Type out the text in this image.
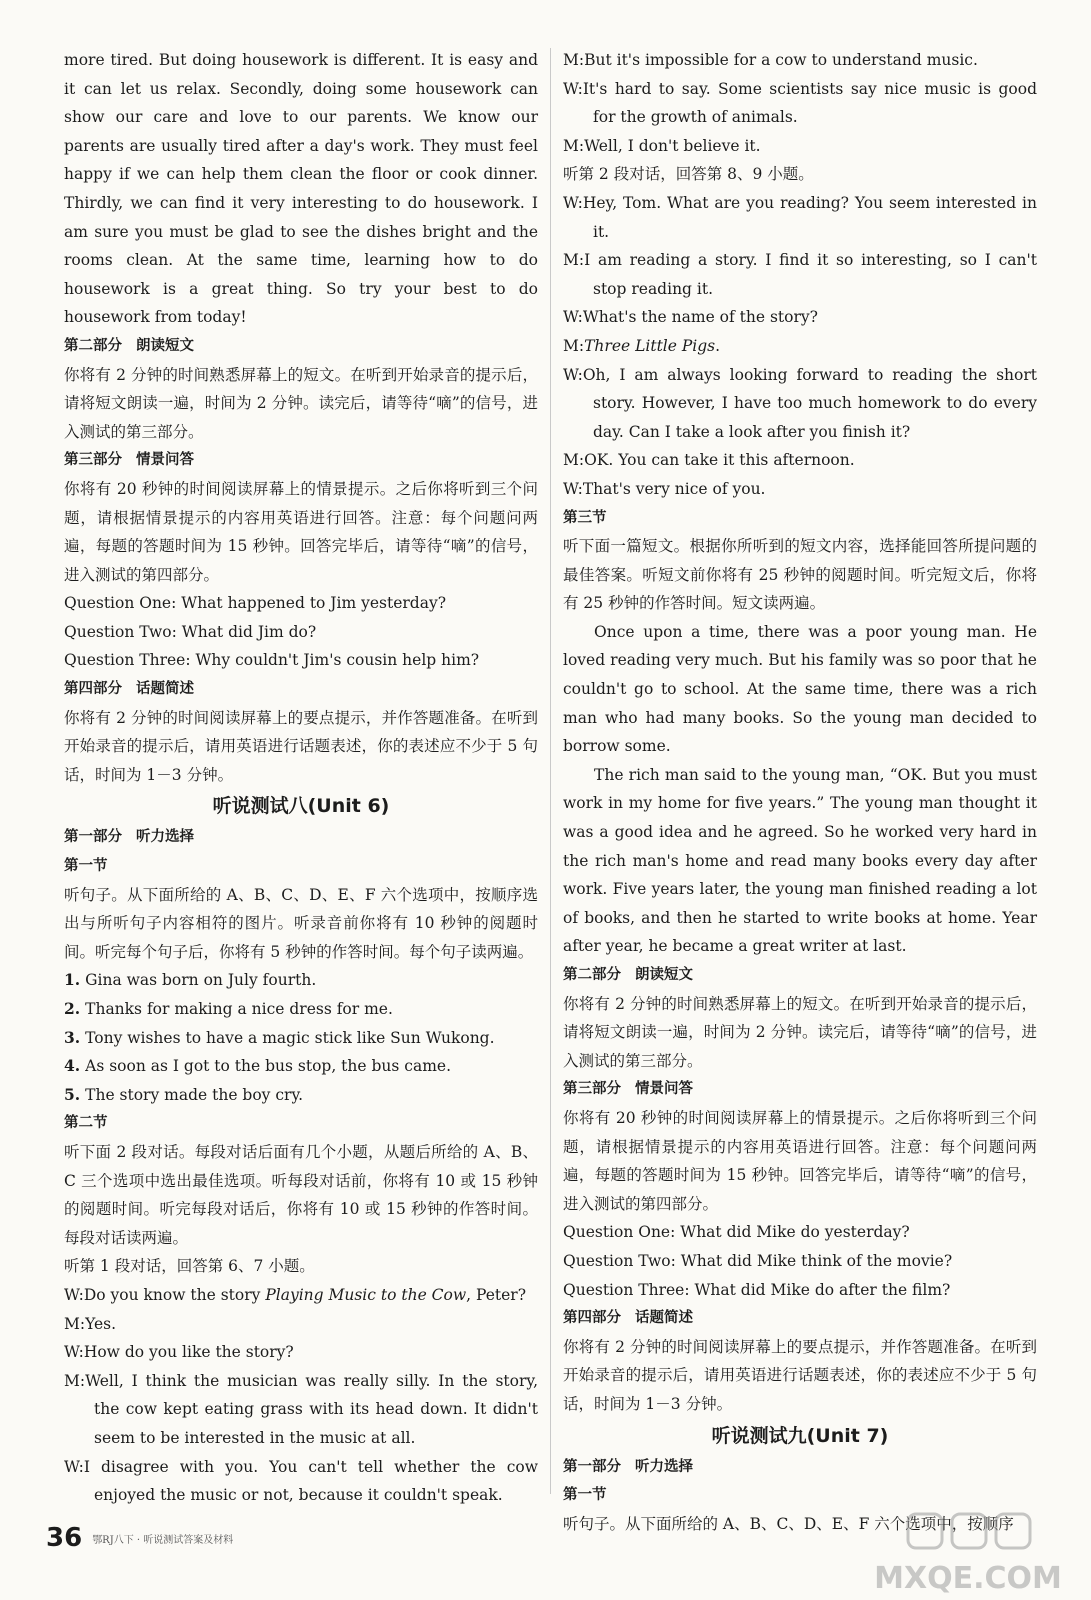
more tired. But doing housework is different. It is easy and it can let us relax. Secondly, doing some housework can show our care and love to our parents. We know our parents are usually tired after a day's work. They must feel happy if we can help them clean the floor or cook dinner. Thirdly, we can find it very interesting to do housework. I am sure you must be glad to see the dishes bright and the rooms clean. At the same time, learning how to do housework is a great thing. So try your best to do housework from today!

第二部分 朗读短文

你将有 2 分钟的时间熟悉屏幕上的短文。在听到开始录音的提示后，请将短文朗读一遍，时间为 2 分钟。读完后，请等待“嘀”的信号，进入测试的第三部分。

第三部分 情景问答

你将有 20 秒钟的时间阅读屏幕上的情景提示。之后你将听到三个问题，请根据情景提示的内容用英语进行回答。注意：每个问题问两遍，每题的答题时间为 15 秒钟。回答完毕后，请等待“嘀”的信号，进入测试的第四部分。

Question One: What happened to Jim yesterday?

Question Two: What did Jim do?

Question Three: Why couldn't Jim's cousin help him?

第四部分 话题简述

你将有 2 分钟的时间阅读屏幕上的要点提示，并作答题准备。在听到开始录音的提示后，请用英语进行话题表述，你的表述应不少于 5 句话，时间为 1－3 分钟。

听说测试八(Unit 6)

第一部分 听力选择

第一节

听句子。从下面所给的 A、B、C、D、E、F 六个选项中，按顺序选出与所听句子内容相符的图片。听录音前你将有 10 秒钟的阅题时间。听完每个句子后，你将有 5 秒钟的作答时间。每个句子读两遍。

1. Gina was born on July fourth.

2. Thanks for making a nice dress for me.

3. Tony wishes to have a magic stick like Sun Wukong.

4. As soon as I got to the bus stop, the bus came.

5. The story made the boy cry.

第二节

听下面 2 段对话。每段对话后面有几个小题，从题后所给的 A、B、C 三个选项中选出最佳选项。听每段对话前，你将有 10 或 15 秒钟的阅题时间。听完每段对话后，你将有 10 或 15 秒钟的作答时间。每段对话读两遍。

听第 1 段对话，回答第 6、7 小题。

W:Do you know the story Playing Music to the Cow, Peter?

M:Yes.

W:How do you like the story?

M:Well, I think the musician was really silly. In the story, the cow kept eating grass with its head down. It didn't seem to be interested in the music at all.

W:I disagree with you. You can't tell whether the cow enjoyed the music or not, because it couldn't speak.

M:But it's impossible for a cow to understand music.

W:It's hard to say. Some scientists say nice music is good for the growth of animals.

M:Well, I don't believe it.

听第 2 段对话，回答第 8、9 小题。

W:Hey, Tom. What are you reading? You seem interested in it.

M:I am reading a story. I find it so interesting, so I can't stop reading it.

W:What's the name of the story?

M:Three Little Pigs.

W:Oh, I am always looking forward to reading the short story. However, I have too much homework to do every day. Can I take a look after you finish it?

M:OK. You can take it this afternoon.

W:That's very nice of you.

第三节

听下面一篇短文。根据你所听到的短文内容，选择能回答所提问题的最佳答案。听短文前你将有 25 秒钟的阅题时间。听完短文后，你将有 25 秒钟的作答时间。短文读两遍。

Once upon a time, there was a poor young man. He loved reading very much. But his family was so poor that he couldn't go to school. At the same time, there was a rich man who had many books. So the young man decided to borrow some.

The rich man said to the young man, “OK. But you must work in my home for five years.” The young man thought it was a good idea and he agreed. So he worked very hard in the rich man's home and read many books every day after work. Five years later, the young man finished reading a lot of books, and then he started to write books at home. Year after year, he became a great writer at last.

第二部分 朗读短文

你将有 2 分钟的时间熟悉屏幕上的短文。在听到开始录音的提示后，请将短文朗读一遍，时间为 2 分钟。读完后，请等待“嘀”的信号，进入测试的第三部分。

第三部分 情景问答

你将有 20 秒钟的时间阅读屏幕上的情景提示。之后你将听到三个问题，请根据情景提示的内容用英语进行回答。注意：每个问题问两遍，每题的答题时间为 15 秒钟。回答完毕后，请等待“嘀”的信号，进入测试的第四部分。

Question One: What did Mike do yesterday?

Question Two: What did Mike think of the movie?

Question Three: What did Mike do after the film?

第四部分 话题简述

你将有 2 分钟的时间阅读屏幕上的要点提示，并作答题准备。在听到开始录音的提示后，请用英语进行话题表述，你的表述应不少于 5 句话，时间为 1－3 分钟。

听说测试九(Unit 7)

第一部分 听力选择

第一节

听句子。从下面所给的 A、B、C、D、E、F 六个选项中，按顺序

36 鄂RJ八下 · 听说测试答案及材料
MXQE.COM
